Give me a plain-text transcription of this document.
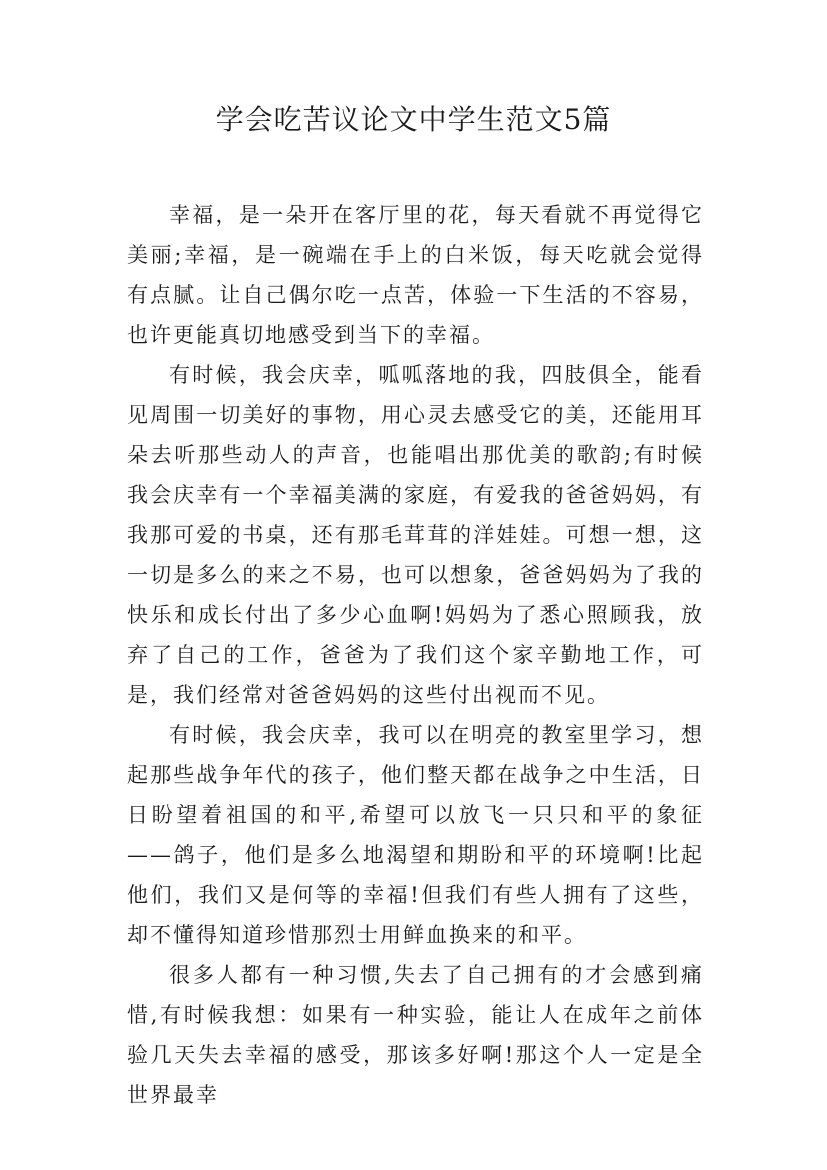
学会吃苦议论文中学生范文5篇

幸福，是一朵开在客厅里的花，每天看就不再觉得它美丽;幸福，是一碗端在手上的白米饭，每天吃就会觉得有点腻。让自己偶尔吃一点苦，体验一下生活的不容易，也许更能真切地感受到当下的幸福。

有时候，我会庆幸，呱呱落地的我，四肢俱全，能看见周围一切美好的事物，用心灵去感受它的美，还能用耳朵去听那些动人的声音，也能唱出那优美的歌韵;有时候我会庆幸有一个幸福美满的家庭，有爱我的爸爸妈妈，有我那可爱的书桌，还有那毛茸茸的洋娃娃。可想一想，这一切是多么的来之不易，也可以想象，爸爸妈妈为了我的快乐和成长付出了多少心血啊!妈妈为了悉心照顾我，放弃了自己的工作，爸爸为了我们这个家辛勤地工作，可是，我们经常对爸爸妈妈的这些付出视而不见。

有时候，我会庆幸，我可以在明亮的教室里学习，想起那些战争年代的孩子，他们整天都在战争之中生活，日日盼望着祖国的和平,希望可以放飞一只只和平的象征——鸽子，他们是多么地渴望和期盼和平的环境啊!比起他们，我们又是何等的幸福!但我们有些人拥有了这些，却不懂得知道珍惜那烈士用鲜血换来的和平。

很多人都有一种习惯,失去了自己拥有的才会感到痛惜,有时候我想：如果有一种实验，能让人在成年之前体验几天失去幸福的感受，那该多好啊!那这个人一定是全世界最幸
